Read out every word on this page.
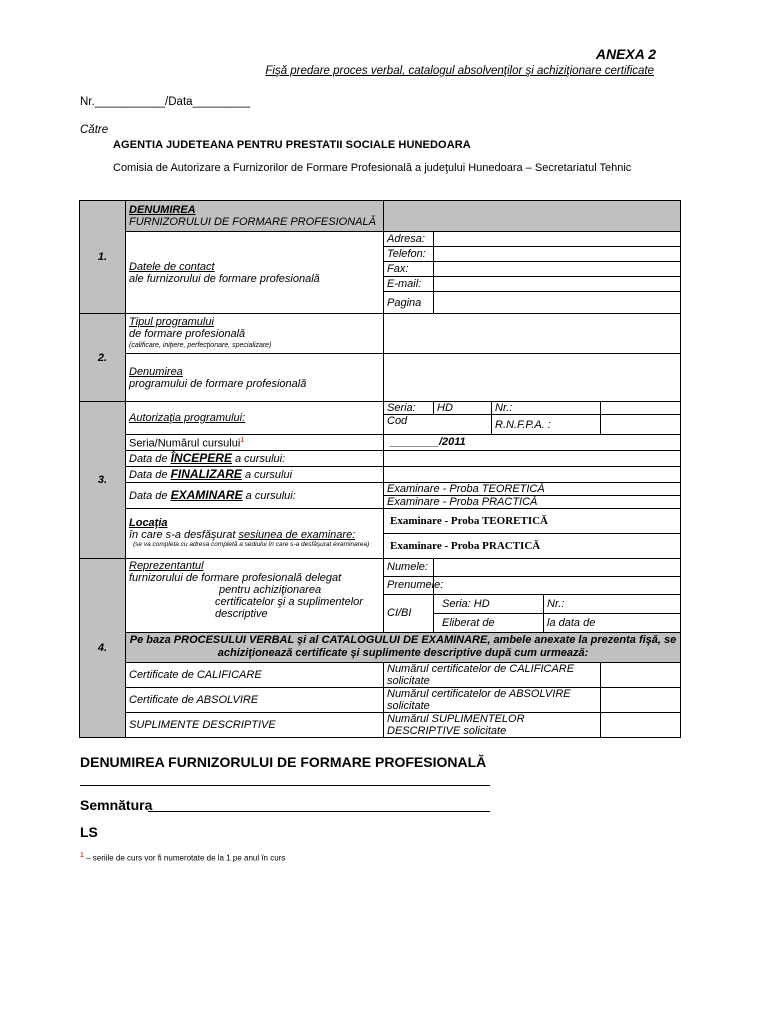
ANEXA 2
Fişă predare proces verbal, catalogul absolvenţilor şi achiziţionare certificate
Nr.___________/Data_________
Către
AGENTIA JUDETEANA PENTRU PRESTATII SOCIALE HUNEDOARA
Comisia de Autorizare a Furnizorilor de Formare Profesională a judeţului Hunedoara – Secretariatul Tehnic
1.	DENUMIREA
FURNIZORULUI DE FORMARE PROFESIONALĂ					

	Datele de contact
ale furnizorului de formare profesională	Adresa:				
		Telefon:				
		Fax:				
		E-mail:				
		Pagina				
2.	Tipul programului
de formare profesională
(calificare, iniţiere, perfecţionare, specializare)					

	Denumirea
programului de formare profesională					

3.	Autorizaţia programului:	Seria:	HD	Nr.:		
		Cod		R.N.F.P.A. :		
	Seria/Numărul cursului$^1$	________/2011				
	Data de ÎNCEPERE a cursului:					
	Data de FINALIZARE a cursului					
	Data de EXAMINARE a cursului:	Examinare - Proba TEORETICĂ				
		Examinare - Proba PRACTICĂ				

	Locaţia
în care s-a desfăşurat sesiunea de examinare:
(se va completa cu adresa completă a sediului în care s-a desfăşurat examinarea)	Examinare - Proba TEORETICĂ				
		Examinare - Proba PRACTICĂ				
4.	Reprezentantul
furnizorului de formare profesională delegat
pentru achiziţionarea
certificatelor şi a suplimentelor
descriptive	Numele:				
		Prenumele:				
		CI/BI	Seria: HD		Nr.:	
			Eliberat de		la data de	
	Pe baza PROCESULUI VERBAL şi al CATALOGULUI DE EXAMINARE, ambele anexate la prezenta fişă, se achiziţionează certificate şi suplimente descriptive după cum urmează:					
	Certificate de CALIFICARE	Numărul certificatelor de CALIFICARE solicitate				
	Certificate de ABSOLVIRE	Numărul certificatelor de ABSOLVIRE solicitate				
	SUPLIMENTE DESCRIPTIVE	Numărul SUPLIMENTELOR DESCRIPTIVE solicitate				
DENUMIREA FURNIZORULUI DE FORMARE PROFESIONALĂ
Semnătura
LS
1 – seriile de curs vor fi numerotate de la 1 pe anul în curs
